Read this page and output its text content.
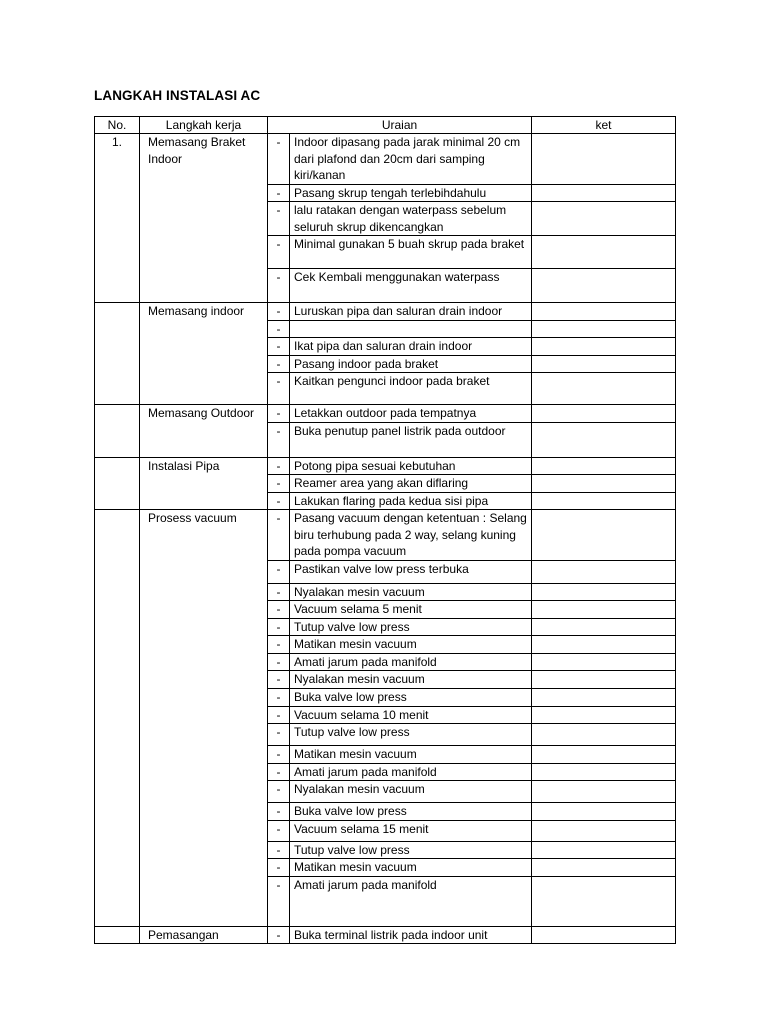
LANGKAH INSTALASI AC
No.	Langkah kerja	Uraian		ket
1.	Memasang Braket Indoor	-	Indoor dipasang pada jarak minimal 20 cm dari plafond dan 20cm dari samping kiri/kanan	
		-	Pasang skrup tengah terlebihdahulu	
		-	lalu ratakan dengan waterpass sebelum seluruh skrup dikencangkan	
		-	Minimal gunakan 5 buah skrup pada braket	
		-	Cek Kembali menggunakan waterpass	
	Memasang indoor	-	Luruskan pipa dan saluran drain indoor	
		-		
		-	Ikat pipa dan saluran drain indoor	
		-	Pasang indoor pada braket	
		-	Kaitkan pengunci indoor pada braket	
	Memasang Outdoor	-	Letakkan outdoor pada tempatnya	
		-	Buka penutup panel listrik pada outdoor	
	Instalasi Pipa	-	Potong pipa sesuai kebutuhan	
		-	Reamer area yang akan diflaring	
		-	Lakukan flaring pada kedua sisi pipa	
	Prosess vacuum	-	Pasang vacuum dengan ketentuan : Selang biru terhubung pada 2 way, selang kuning pada pompa vacuum	
		-	Pastikan valve low press terbuka	
		-	Nyalakan mesin vacuum	
		-	Vacuum selama 5 menit	
		-	Tutup valve low press	
		-	Matikan mesin vacuum	
		-	Amati jarum pada manifold	
		-	Nyalakan mesin vacuum	
		-	Buka valve low press	
		-	Vacuum selama 10 menit	
		-	Tutup valve low press	
		-	Matikan mesin vacuum	
		-	Amati jarum pada manifold	
		-	Nyalakan mesin vacuum	
		-	Buka valve low press	
		-	Vacuum selama 15 menit	
		-	Tutup valve low press	
		-	Matikan mesin vacuum	
		-	Amati jarum pada manifold	
	Pemasangan	-	Buka terminal listrik pada indoor unit	
